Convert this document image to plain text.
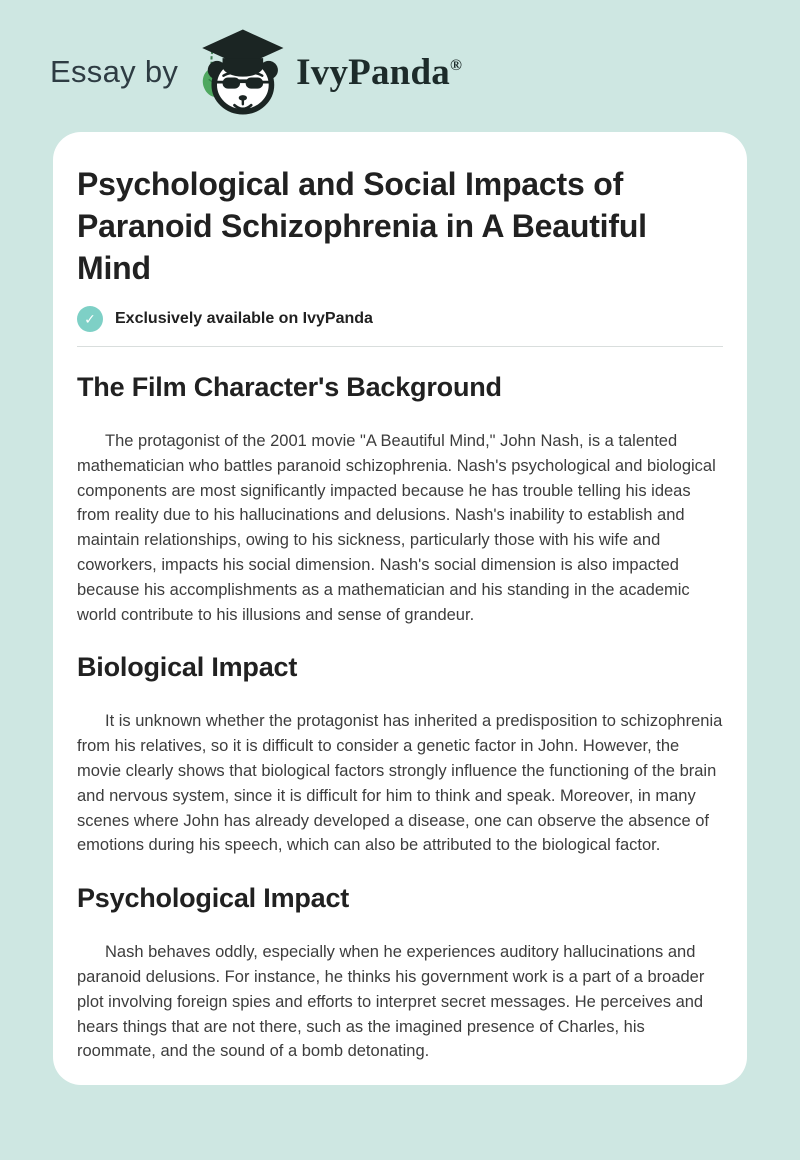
Essay by	IvyPanda®
Psychological and Social Impacts of Paranoid Schizophrenia in A Beautiful Mind
✓	Exclusively available on IvyPanda
The Film Character's Background

The protagonist of the 2001 movie "A Beautiful Mind," John Nash, is a talented mathematician who battles paranoid schizophrenia. Nash's psychological and biological components are most significantly impacted because he has trouble telling his ideas from reality due to his hallucinations and delusions. Nash's inability to establish and maintain relationships, owing to his sickness, particularly those with his wife and coworkers, impacts his social dimension. Nash's social dimension is also impacted because his accomplishments as a mathematician and his standing in the academic world contribute to his illusions and sense of grandeur.

Biological Impact

It is unknown whether the protagonist has inherited a predisposition to schizophrenia from his relatives, so it is difficult to consider a genetic factor in John. However, the movie clearly shows that biological factors strongly influence the functioning of the brain and nervous system, since it is difficult for him to think and speak. Moreover, in many scenes where John has already developed a disease, one can observe the absence of emotions during his speech, which can also be attributed to the biological factor.

Psychological Impact

Nash behaves oddly, especially when he experiences auditory hallucinations and paranoid delusions. For instance, he thinks his government work is a part of a broader plot involving foreign spies and efforts to interpret secret messages. He perceives and hears things that are not there, such as the imagined presence of Charles, his roommate, and the sound of a bomb detonating.
